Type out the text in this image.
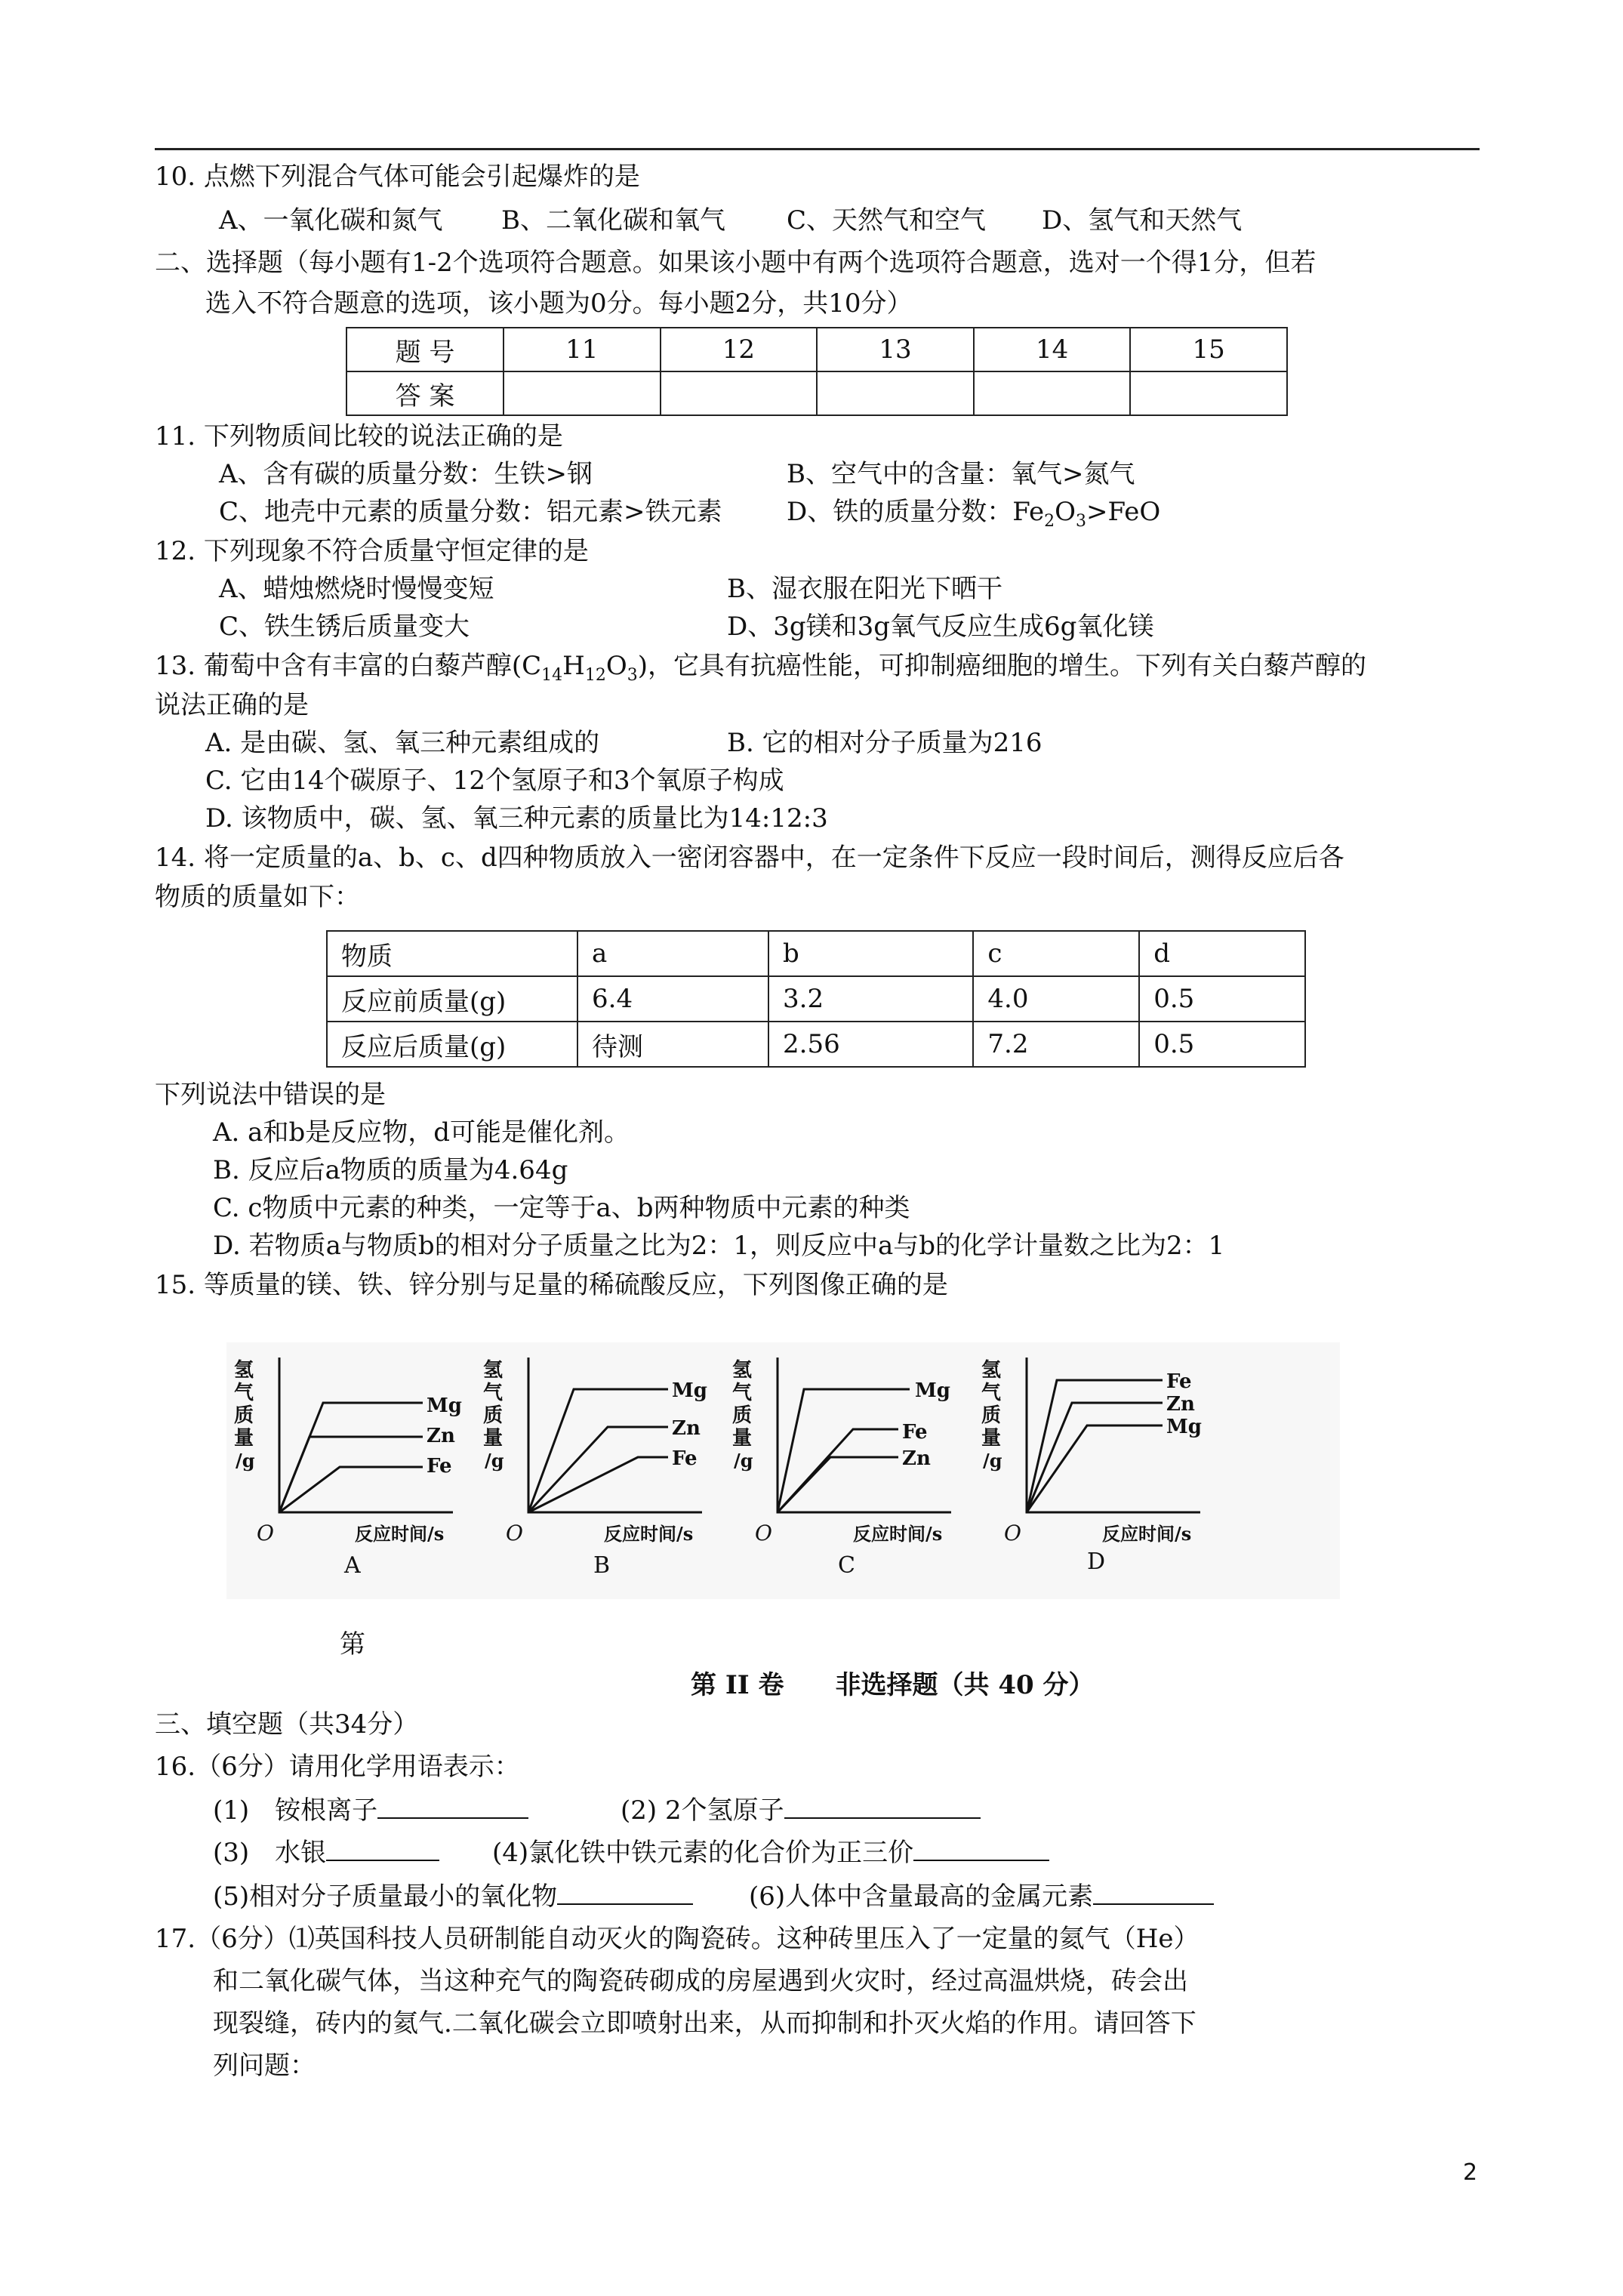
10. 点燃下列混合气体可能会引起爆炸的是
A、一氧化碳和氮气 B、二氧化碳和氧气 C、天然气和空气 D、氢气和天然气
二、选择题（每小题有1-2个选项符合题意。如果该小题中有两个选项符合题意，选对一个得1分，但若
选入不符合题意的选项，该小题为0分。每小题2分，共10分）
题 号	11	12	13	14	15
答 案					
11. 下列物质间比较的说法正确的是
A、含有碳的质量分数：生铁>钢	B、空气中的含量：氧气>氮气
C、地壳中元素的质量分数：铝元素>铁元素	D、铁的质量分数：$Fe_2O_3>FeO$
12. 下列现象不符合质量守恒定律的是
A、蜡烛燃烧时慢慢变短	B、湿衣服在阳光下晒干
C、铁生锈后质量变大	D、3g镁和3g氧气反应生成6g氧化镁
13. 葡萄中含有丰富的白藜芦醇$(C_{14}H_{12}O_3)$，它具有抗癌性能，可抑制癌细胞的增生。下列有关白藜芦醇的
说法正确的是
A. 是由碳、氢、氧三种元素组成的	B. 它的相对分子质量为216
C. 它由14个碳原子、12个氢原子和3个氧原子构成
D. 该物质中，碳、氢、氧三种元素的质量比为14:12:3
14. 将一定质量的a、b、c、d四种物质放入一密闭容器中，在一定条件下反应一段时间后，测得反应后各
物质的质量如下：
物质	a	b	c	d
反应前质量(g)	6.4	3.2	4.0	0.5
反应后质量(g)	待测	2.56	7.2	0.5
下列说法中错误的是
A. a和b是反应物，d可能是催化剂。
B. 反应后a物质的质量为4.64g
C. c物质中元素的种类，一定等于a、b两种物质中元素的种类
D. 若物质a与物质b的相对分子质量之比为2：1，则反应中a与b的化学计量数之比为2：1
15. 等质量的镁、铁、锌分别与足量的稀硫酸反应，下列图像正确的是
氢
气
质
量
/g
O	反应时间/s
A
Mg
Zn
Fe
氢
气
质
量
/g
O	反应时间/s
B
Mg
Zn
Fe
氢
气
质
量
/g
O	反应时间/s
C
Mg
Fe
Zn
氢
气
质
量
/g
O	反应时间/s
D
Fe
Zn
Mg
第
第 II 卷　　非选择题（共 40 分）
三、填空题（共34分）
16.（6分）请用化学用语表示：
(1)　铵根离子	(2) 2个氢原子
(3)　水银	(4)氯化铁中铁元素的化合价为正三价
(5)相对分子质量最小的氧化物	(6)人体中含量最高的金属元素
17.（6分）⑴英国科技人员研制能自动灭火的陶瓷砖。这种砖里压入了一定量的氦气（He）
和二氧化碳气体，当这种充气的陶瓷砖砌成的房屋遇到火灾时，经过高温烘烧，砖会出
现裂缝，砖内的氦气.二氧化碳会立即喷射出来，从而抑制和扑灭火焰的作用。请回答下
列问题：
2
